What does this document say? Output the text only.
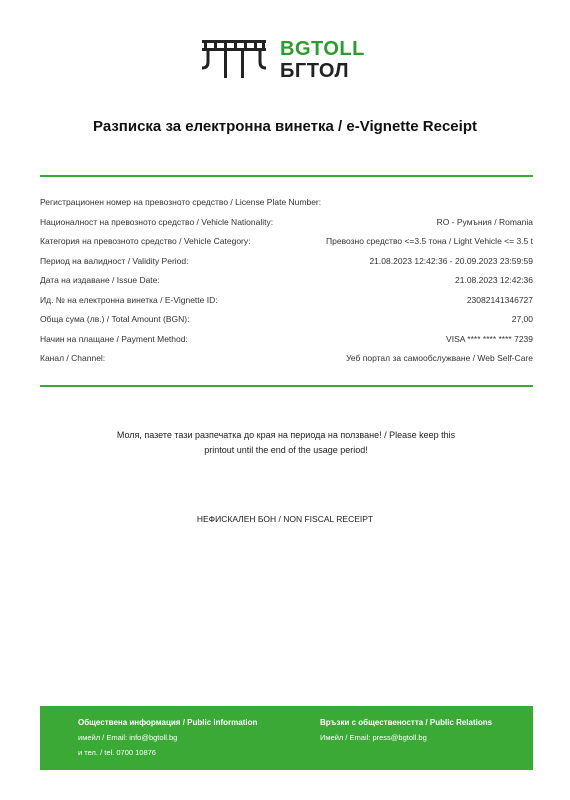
BGTOLL
БГТОЛ
Разписка за електронна винетка / e-Vignette Receipt
Регистрационен номер на превозното средство / License Plate Number:
Националност на превозното средство / Vehicle Nationality:	RO - Румъния / Romania
Категория на превозното средство / Vehicle Category:	Превозно средство <=3.5 тона / Light Vehicle <= 3.5 t
Период на валидност / Validity Period:	21.08.2023 12:42:36 - 20.09.2023 23:59:59
Дата на издаване / Issue Date:	21.08.2023 12:42:36
Ид. № на електронна винетка / E-Vignette ID:	230821413467​27
Обща сума (лв.) / Total Amount (BGN):	27,00
Начин на плащане / Payment Method:	VISA **** **** **** 7239
Канал / Channel:	Уеб портал за самообслужване / Web Self-Care
Моля, пазете тази разпечатка до края на периода на ползване! / Please keep this
printout until the end of the usage period!
НЕФИСКАЛЕН БОН / NON FISCAL RECEIPT
Обществена информация / Public information
имейл / Email: info@bgtoll.bg
и тел. / tel. 0700 10876
Връзки с обществеността / Public Relations
Имейл / Email: press@bgtoll.bg
